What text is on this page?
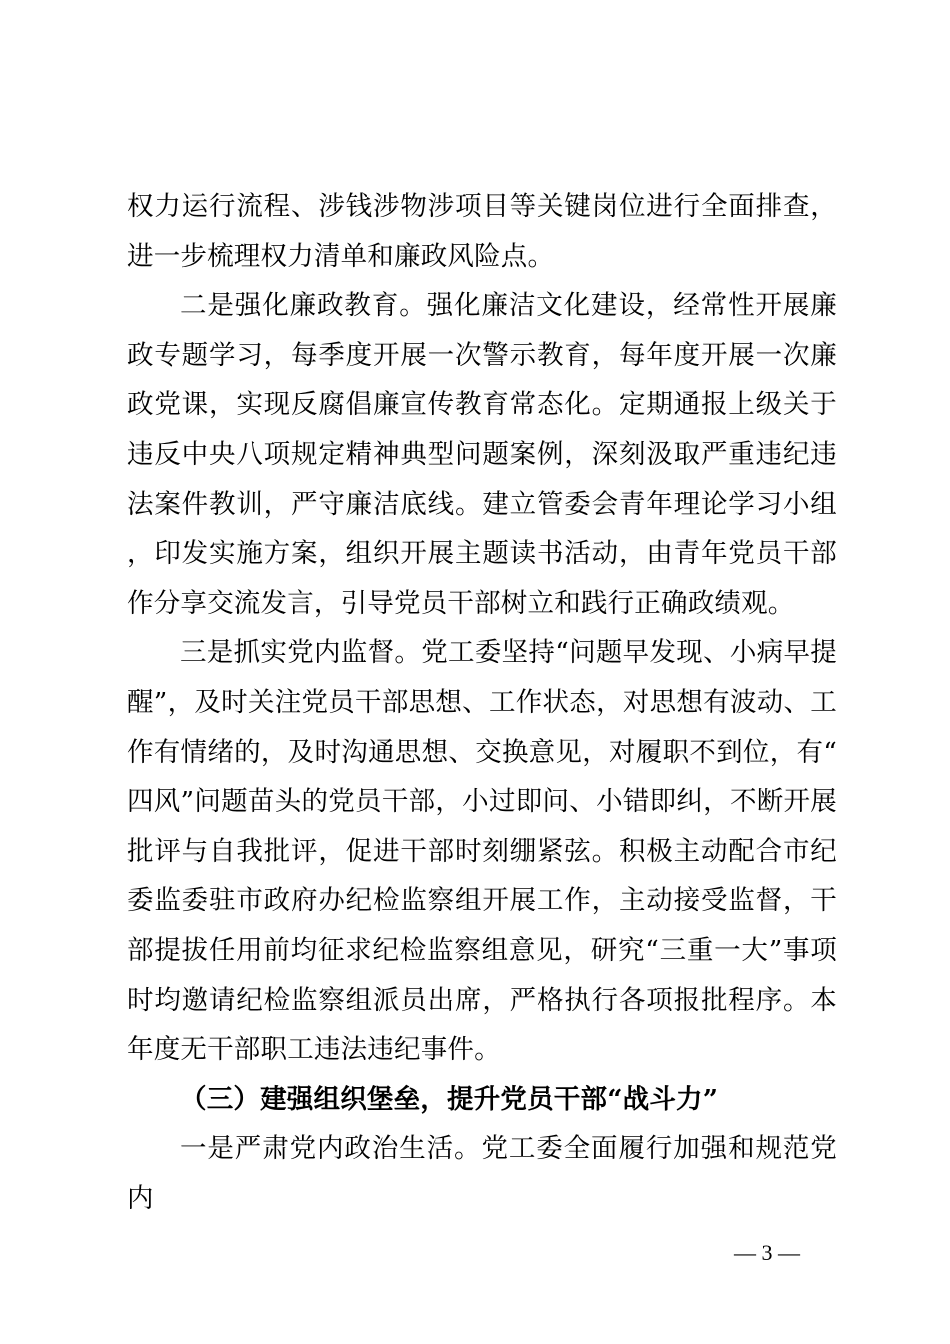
权力运行流程、涉钱涉物涉项目等关键岗位进行全面排查，进一步梳理权力清单和廉政风险点。

二是强化廉政教育。强化廉洁文化建设，经常性开展廉政专题学习，每季度开展一次警示教育，每年度开展一次廉政党课，实现反腐倡廉宣传教育常态化。定期通报上级关于违反中央八项规定精神典型问题案例，深刻汲取严重违纪违法案件教训，严守廉洁底线。建立管委会青年理论学习小组，印发实施方案，组织开展主题读书活动，由青年党员干部作分享交流发言，引导党员干部树立和践行正确政绩观。

三是抓实党内监督。党工委坚持“问题早发现、小病早提醒”，及时关注党员干部思想、工作状态，对思想有波动、工作有情绪的，及时沟通思想、交换意见，对履职不到位，有“四风”问题苗头的党员干部，小过即问、小错即纠，不断开展批评与自我批评，促进干部时刻绷紧弦。积极主动配合市纪委监委驻市政府办纪检监察组开展工作，主动接受监督，干部提拔任用前均征求纪检监察组意见，研究“三重一大”事项时均邀请纪检监察组派员出席，严格执行各项报批程序。本年度无干部职工违法违纪事件。

（三）建强组织堡垒，提升党员干部“战斗力”

一是严肃党内政治生活。党工委全面履行加强和规范党内

— 3 —
